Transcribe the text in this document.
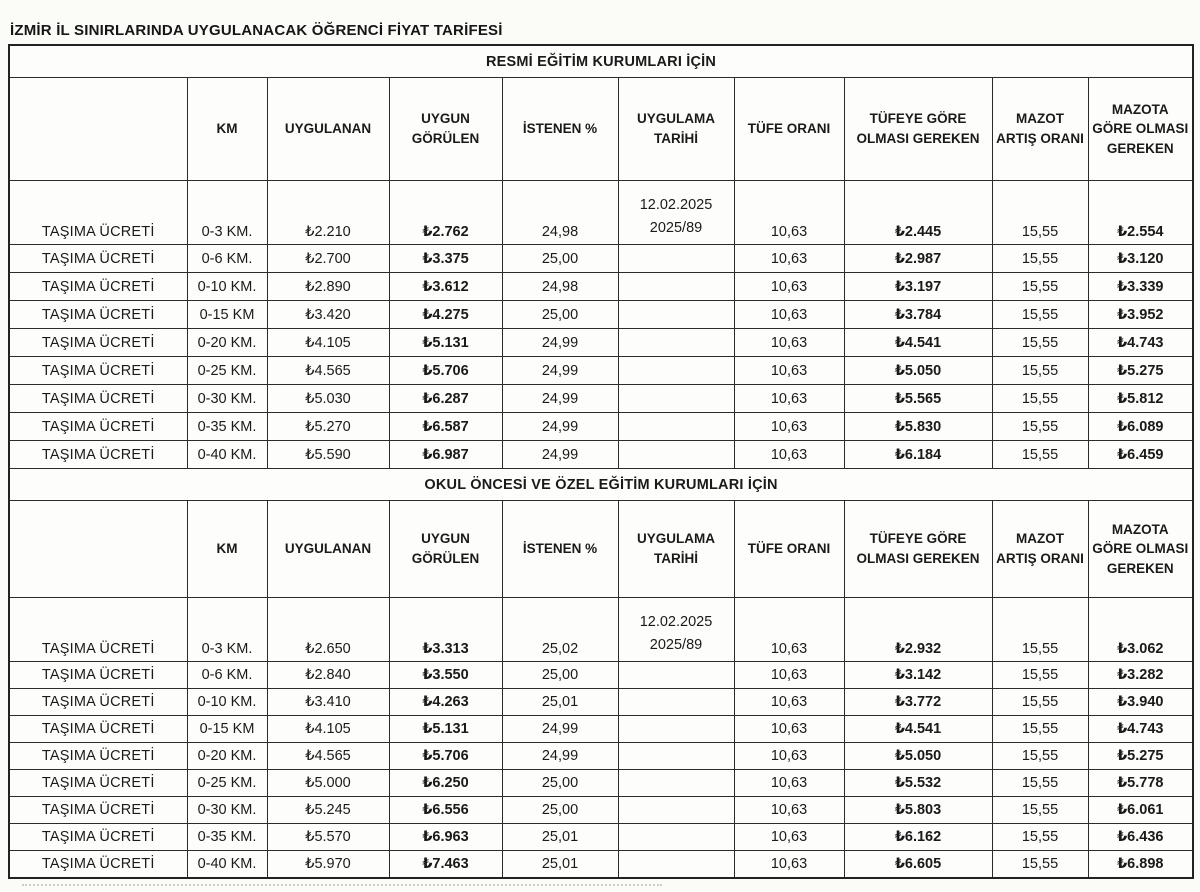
İZMİR İL SINIRLARINDA UYGULANACAK ÖĞRENCİ FİYAT TARİFESİ
RESMİ EĞİTİM KURUMLARI İÇİN									
	KM	UYGULANAN	UYGUN GÖRÜLEN	İSTENEN %	UYGULAMA TARİHİ	TÜFE ORANI	TÜFEYE GÖRE OLMASI GEREKEN	MAZOT ARTIŞ ORANI	MAZOTA GÖRE OLMASI GEREKEN
TAŞIMA ÜCRETİ	0-3 KM.	₺2.210	₺2.762	24,98	12.02.2025
2025/89	10,63	₺2.445	15,55	₺2.554
TAŞIMA ÜCRETİ	0-6 KM.	₺2.700	₺3.375	25,00		10,63	₺2.987	15,55	₺3.120
TAŞIMA ÜCRETİ	0-10 KM.	₺2.890	₺3.612	24,98		10,63	₺3.197	15,55	₺3.339
TAŞIMA ÜCRETİ	0-15 KM	₺3.420	₺4.275	25,00		10,63	₺3.784	15,55	₺3.952
TAŞIMA ÜCRETİ	0-20 KM.	₺4.105	₺5.131	24,99		10,63	₺4.541	15,55	₺4.743
TAŞIMA ÜCRETİ	0-25 KM.	₺4.565	₺5.706	24,99		10,63	₺5.050	15,55	₺5.275
TAŞIMA ÜCRETİ	0-30 KM.	₺5.030	₺6.287	24,99		10,63	₺5.565	15,55	₺5.812
TAŞIMA ÜCRETİ	0-35 KM.	₺5.270	₺6.587	24,99		10,63	₺5.830	15,55	₺6.089
TAŞIMA ÜCRETİ	0-40 KM.	₺5.590	₺6.987	24,99		10,63	₺6.184	15,55	₺6.459
OKUL ÖNCESİ VE ÖZEL EĞİTİM KURUMLARI İÇİN									
	KM	UYGULANAN	UYGUN GÖRÜLEN	İSTENEN %	UYGULAMA TARİHİ	TÜFE ORANI	TÜFEYE GÖRE OLMASI GEREKEN	MAZOT ARTIŞ ORANI	MAZOTA GÖRE OLMASI GEREKEN
TAŞIMA ÜCRETİ	0-3 KM.	₺2.650	₺3.313	25,02	12.02.2025
2025/89	10,63	₺2.932	15,55	₺3.062
TAŞIMA ÜCRETİ	0-6 KM.	₺2.840	₺3.550	25,00		10,63	₺3.142	15,55	₺3.282
TAŞIMA ÜCRETİ	0-10 KM.	₺3.410	₺4.263	25,01		10,63	₺3.772	15,55	₺3.940
TAŞIMA ÜCRETİ	0-15 KM	₺4.105	₺5.131	24,99		10,63	₺4.541	15,55	₺4.743
TAŞIMA ÜCRETİ	0-20 KM.	₺4.565	₺5.706	24,99		10,63	₺5.050	15,55	₺5.275
TAŞIMA ÜCRETİ	0-25 KM.	₺5.000	₺6.250	25,00		10,63	₺5.532	15,55	₺5.778
TAŞIMA ÜCRETİ	0-30 KM.	₺5.245	₺6.556	25,00		10,63	₺5.803	15,55	₺6.061
TAŞIMA ÜCRETİ	0-35 KM.	₺5.570	₺6.963	25,01		10,63	₺6.162	15,55	₺6.436
TAŞIMA ÜCRETİ	0-40 KM.	₺5.970	₺7.463	25,01		10,63	₺6.605	15,55	₺6.898
